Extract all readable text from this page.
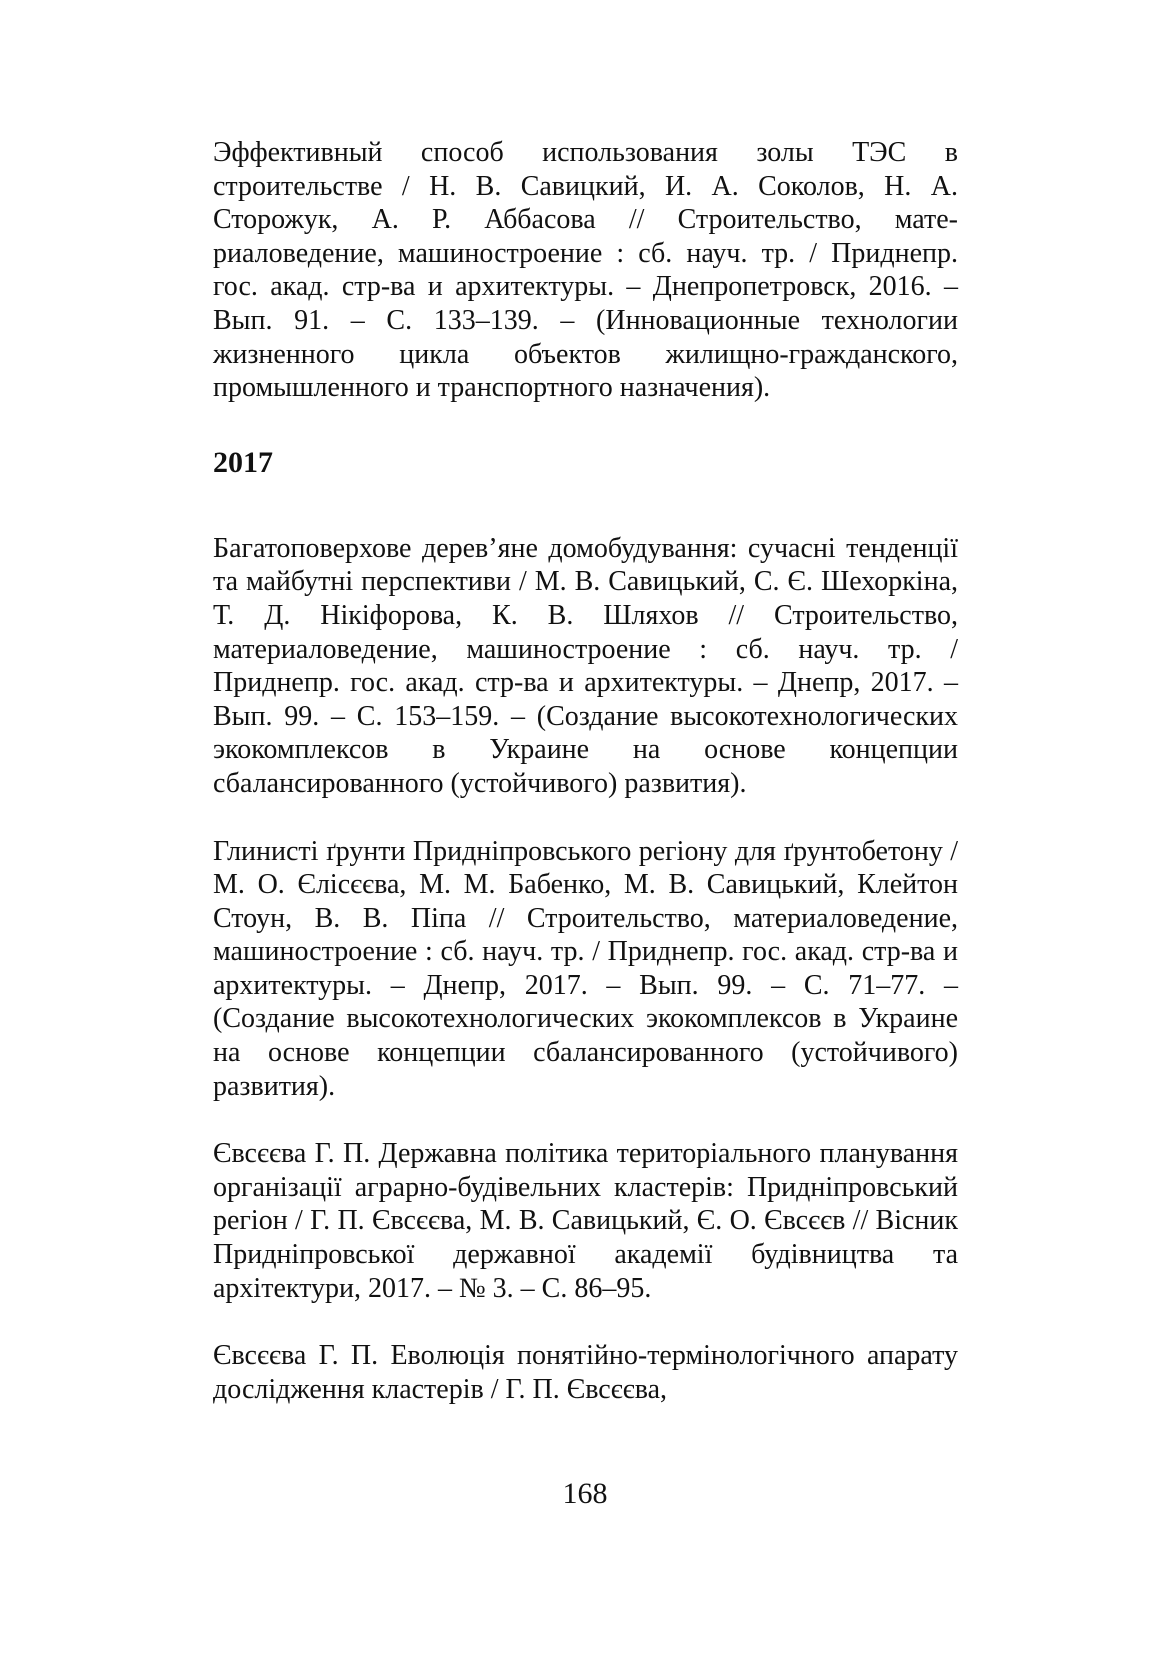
Эффективный способ использования золы ТЭС в строительстве / Н. В. Савицкий, И. А. Соколов, Н. А. Сторожук, А. Р. Аббасова // Строительство, материаловедение, машиностроение : сб. науч. тр. / Приднепр. гос. акад. стр-ва и архитектуры. – Днепропетровск, 2016. – Вып. 91. – С. 133–139. – (Инновационные технологии жизненного цикла объектов жилищно-гражданского, промышленного и транспортного назначения).

2017

Багатоповерхове дерев’яне домобудування: сучасні тенденції та майбутні перспективи / М. В. Савицький, С. Є. Шехоркіна, Т. Д. Нікіфорова, К. В. Шляхов // Строительство, материаловедение, машиностроение : сб. науч. тр. / Приднепр. гос. акад. стр-ва и архитектуры. – Днепр, 2017. – Вып. 99. – С. 153–159. – (Создание высокотехнологических экокомплексов в Украине на основе концепции сбалансированного (устойчивого) развития).

Глинисті ґрунти Придніпровського регіону для ґрунтобетону / М. О. Єлісєєва, М. М. Бабенко, М. В. Савицький, Клейтон Стоун, В. В. Піпа // Строительство, материаловедение, машиностроение : сб. науч. тр. / Приднепр. гос. акад. стр-ва и архитектуры. – Днепр, 2017. – Вып. 99. – С. 71–77. – (Создание высокотехнологических экокомплексов в Украине на основе концепции сбалансированного (устойчивого) развития).

Євсєєва Г. П. Державна політика територіального планування організації аграрно-будівельних кластерів: Придніпровський регіон / Г. П. Євсєєва, М. В. Савицький, Є. О. Євсєєв // Вісник Придніпровської державної академії будівництва та архітектури, 2017. – № 3. – С. 86–95.

Євсєєва Г. П. Еволюція понятійно-термінологічного апарату дослідження кластерів / Г. П. Євсєєва,

168
